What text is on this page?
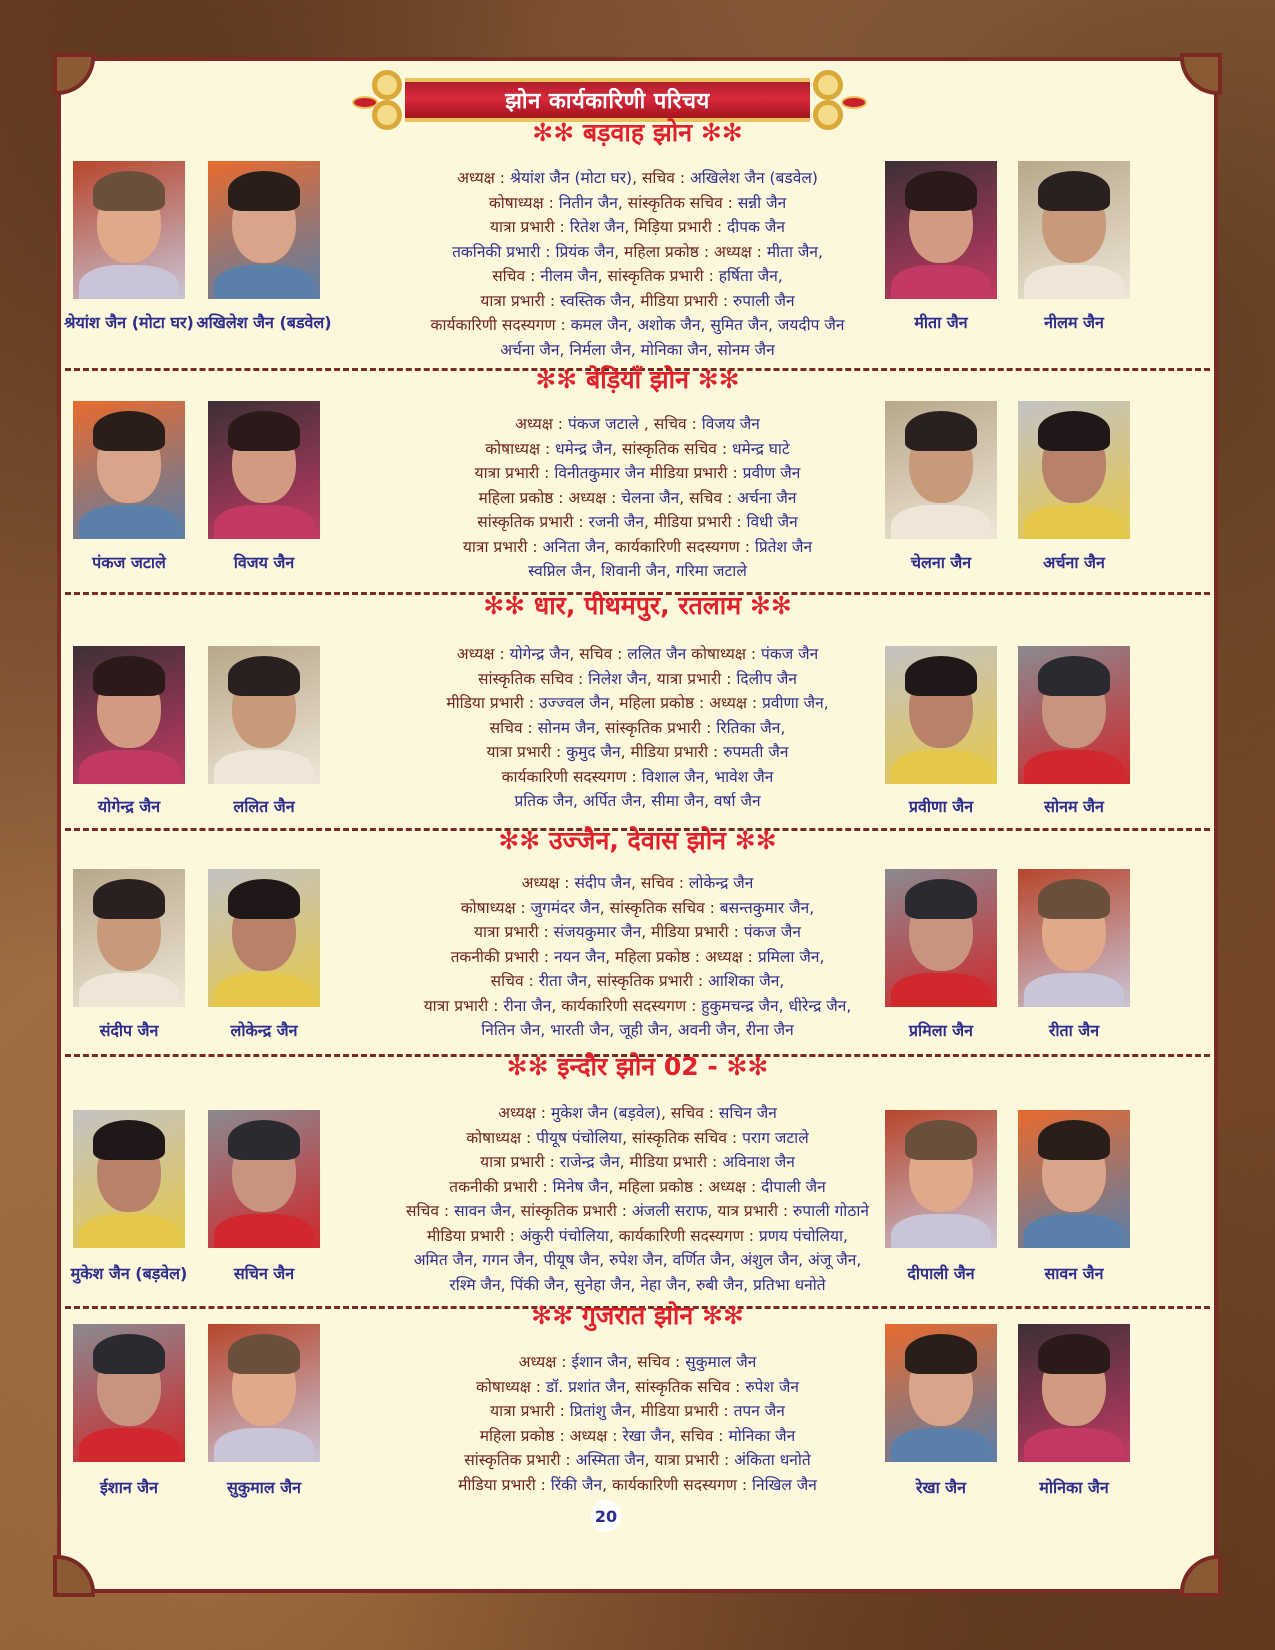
झोन कार्यकारिणी परिचय
✻✻ बड़वाह झोन ✻✻
अध्यक्ष : श्रेयांश जैन (मोटा घर), सचिव : अखिलेश जैन (बडवेल)
कोषाध्यक्ष : नितीन जैन, सांस्कृतिक सचिव : सन्नी जैन
यात्रा प्रभारी : रितेश जैन, मिड़िया प्रभारी : दीपक जैन
तकनिकी प्रभारी : प्रियंक जैन, महिला प्रकोष्ठ : अध्यक्ष : मीता जैन,
सचिव : नीलम जैन, सांस्कृतिक प्रभारी : हर्षिता जैन,
यात्रा प्रभारी : स्वस्तिक जैन, मीडिया प्रभारी : रुपाली जैन
कार्यकारिणी सदस्यगण : कमल जैन, अशोक जैन, सुमित जैन, जयदीप जैन
अर्चना जैन, निर्मला जैन, मोनिका जैन, सोनम जैन
श्रेयांश जैन (मोटा घर) अखिलेश जैन (बडवेल)	मीता जैन	नीलम जैन
✻✻ बेड़ियाँ झोन ✻✻
अध्यक्ष : पंकज जटाले , सचिव : विजय जैन
कोषाध्यक्ष : धमेन्द्र जैन, सांस्कृतिक सचिव : धमेन्द्र घाटे
यात्रा प्रभारी : विनीतकुमार जैन मीडिया प्रभारी : प्रवीण जैन
महिला प्रकोष्ठ : अध्यक्ष : चेलना जैन, सचिव : अर्चना जैन
सांस्कृतिक प्रभारी : रजनी जैन, मीडिया प्रभारी : विधी जैन
यात्रा प्रभारी : अनिता जैन, कार्यकारिणी सदस्यगण : प्रितेश जैन
स्वप्निल जैन, शिवानी जैन, गरिमा जटाले
पंकज जटाले	विजय जैन	चेलना जैन	अर्चना जैन
✻✻ धार, पीथमपुर, रतलाम ✻✻
अध्यक्ष : योगेन्द्र जैन, सचिव : ललित जैन कोषाध्यक्ष : पंकज जैन
सांस्कृतिक सचिव : निलेश जैन, यात्रा प्रभारी : दिलीप जैन
मीडिया प्रभारी : उज्ज्वल जैन, महिला प्रकोष्ठ : अध्यक्ष : प्रवीणा जैन,
सचिव : सोनम जैन, सांस्कृतिक प्रभारी : रितिका जैन,
यात्रा प्रभारी : कुमुद जैन, मीडिया प्रभारी : रुपमती जैन
कार्यकारिणी सदस्यगण : विशाल जैन, भावेश जैन
प्रतिक जैन, अर्पित जैन, सीमा जैन, वर्षा जैन
योगेन्द्र जैन	ललित जैन	प्रवीणा जैन	सोनम जैन
✻✻ उज्जैन, देवास झोन ✻✻
अध्यक्ष : संदीप जैन, सचिव : लोकेन्द्र जैन
कोषाध्यक्ष : जुगमंदर जैन, सांस्कृतिक सचिव : बसन्तकुमार जैन,
यात्रा प्रभारी : संजयकुमार जैन, मीडिया प्रभारी : पंकज जैन
तकनीकी प्रभारी : नयन जैन, महिला प्रकोष्ठ : अध्यक्ष : प्रमिला जैन,
सचिव : रीता जैन, सांस्कृतिक प्रभारी : आशिका जैन,
यात्रा प्रभारी : रीना जैन, कार्यकारिणी सदस्यगण : हुकुमचन्द्र जैन, धीरेन्द्र जैन,
नितिन जैन, भारती जैन, जूही जैन, अवनी जैन, रीना जैन
संदीप जैन	लोकेन्द्र जैन	प्रमिला जैन	रीता जैन
✻✻ इन्दौर झोन 02 - ✻✻
अध्यक्ष : मुकेश जैन (बड़वेल), सचिव : सचिन जैन
कोषाध्यक्ष : पीयूष पंचोलिया, सांस्कृतिक सचिव : पराग जटाले
यात्रा प्रभारी : राजेन्द्र जैन, मीडिया प्रभारी : अविनाश जैन
तकनीकी प्रभारी : मिनेष जैन, महिला प्रकोष्ठ : अध्यक्ष : दीपाली जैन
सचिव : सावन जैन, सांस्कृतिक प्रभारी : अंजली सराफ, यात्र प्रभारी : रुपाली गोठाने
मीडिया प्रभारी : अंकुरी पंचोलिया, कार्यकारिणी सदस्यगण : प्रणय पंचोलिया,
अमित जैन, गगन जैन, पीयूष जैन, रुपेश जैन, वर्णित जैन, अंशुल जैन, अंजू जैन,
रश्मि जैन, पिंकी जैन, सुनेहा जैन, नेहा जैन, रुबी जैन, प्रतिभा धनोते
मुकेश जैन (बड़वेल)	सचिन जैन	दीपाली जैन	सावन जैन
✻✻ गुजरात झोन ✻✻
अध्यक्ष : ईशान जैन, सचिव : सुकुमाल जैन
कोषाध्यक्ष : डॉ. प्रशांत जैन, सांस्कृतिक सचिव : रुपेश जैन
यात्रा प्रभारी : प्रितांशु जैन, मीडिया प्रभारी : तपन जैन
महिला प्रकोष्ठ : अध्यक्ष : रेखा जैन, सचिव : मोनिका जैन
सांस्कृतिक प्रभारी : अस्मिता जैन, यात्रा प्रभारी : अंकिता धनोते
मीडिया प्रभारी : रिंकी जैन, कार्यकारिणी सदस्यगण : निखिल जैन
ईशान जैन	सुकुमाल जैन	रेखा जैन	मोनिका जैन
20
